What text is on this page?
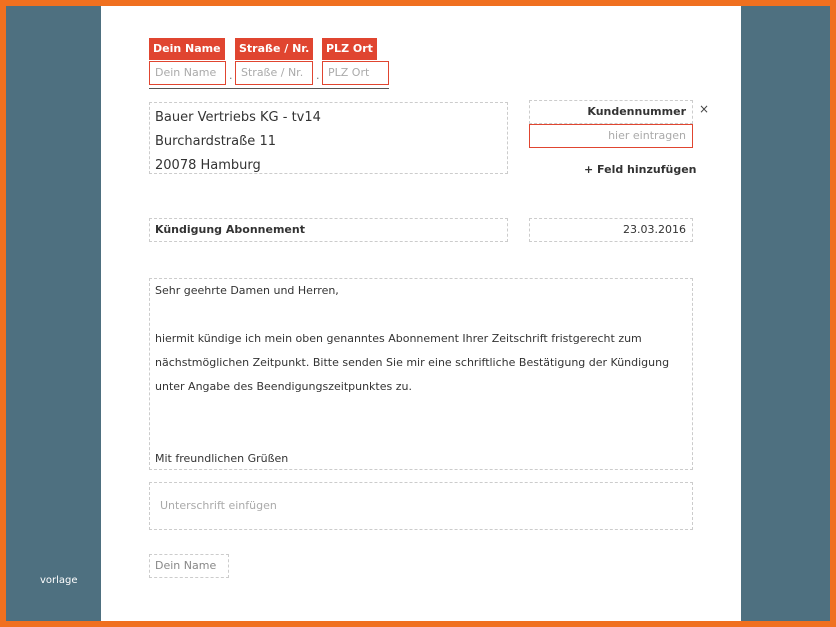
vorlage
Dein Name	Straße / Nr.	PLZ Ort
Dein Name	· Straße / Nr.	· PLZ Ort
Bauer Vertriebs KG - tv14
Burchardstraße 11
20078 Hamburg
Kundennummer	×
hier eintragen
+ Feld hinzufügen
Kündigung Abonnement	23.03.2016
Sehr geehrte Damen und Herren,
hiermit kündige ich mein oben genanntes Abonnement Ihrer Zeitschrift fristgerecht zum
nächstmöglichen Zeitpunkt. Bitte senden Sie mir eine schriftliche Bestätigung der Kündigung
unter Angabe des Beendigungszeitpunktes zu.
Mit freundlichen Grüßen
Unterschrift einfügen
Dein Name
